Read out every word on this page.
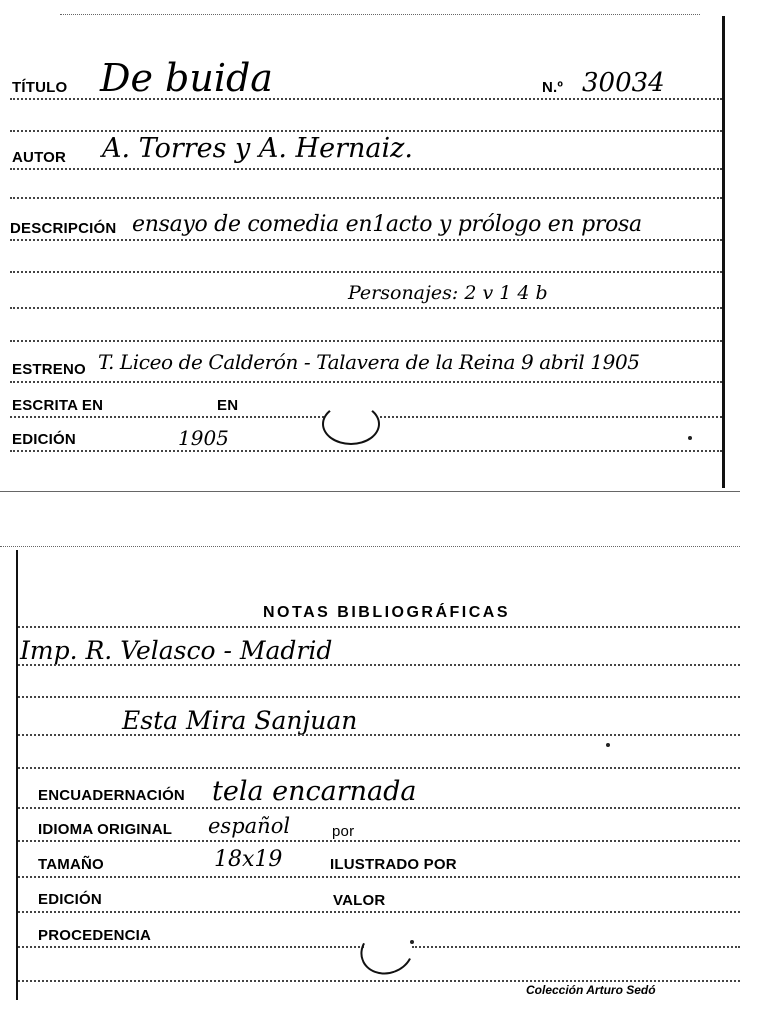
TÍTULO De buida	N.º 30034
AUTOR A. Torres y A. Hernaiz.
DESCRIPCIÓN ensayo de comedia en1acto y prólogo en prosa
Personajes: 2 v 1 4 b
ESTRENO T. Liceo de Calderón - Talavera de la Reina 9 abril 1905
ESCRITA EN	EN
EDICIÓN	1905
NOTAS BIBLIOGRÁFICAS
Imp. R. Velasco - Madrid
Esta Mira Sanjuan
ENCUADERNACIÓN tela encarnada
IDIOMA ORIGINAL español	por
TAMAÑO	18x19	ILUSTRADO POR
EDICIÓN	VALOR
PROCEDENCIA
Colección Arturo Sedó
